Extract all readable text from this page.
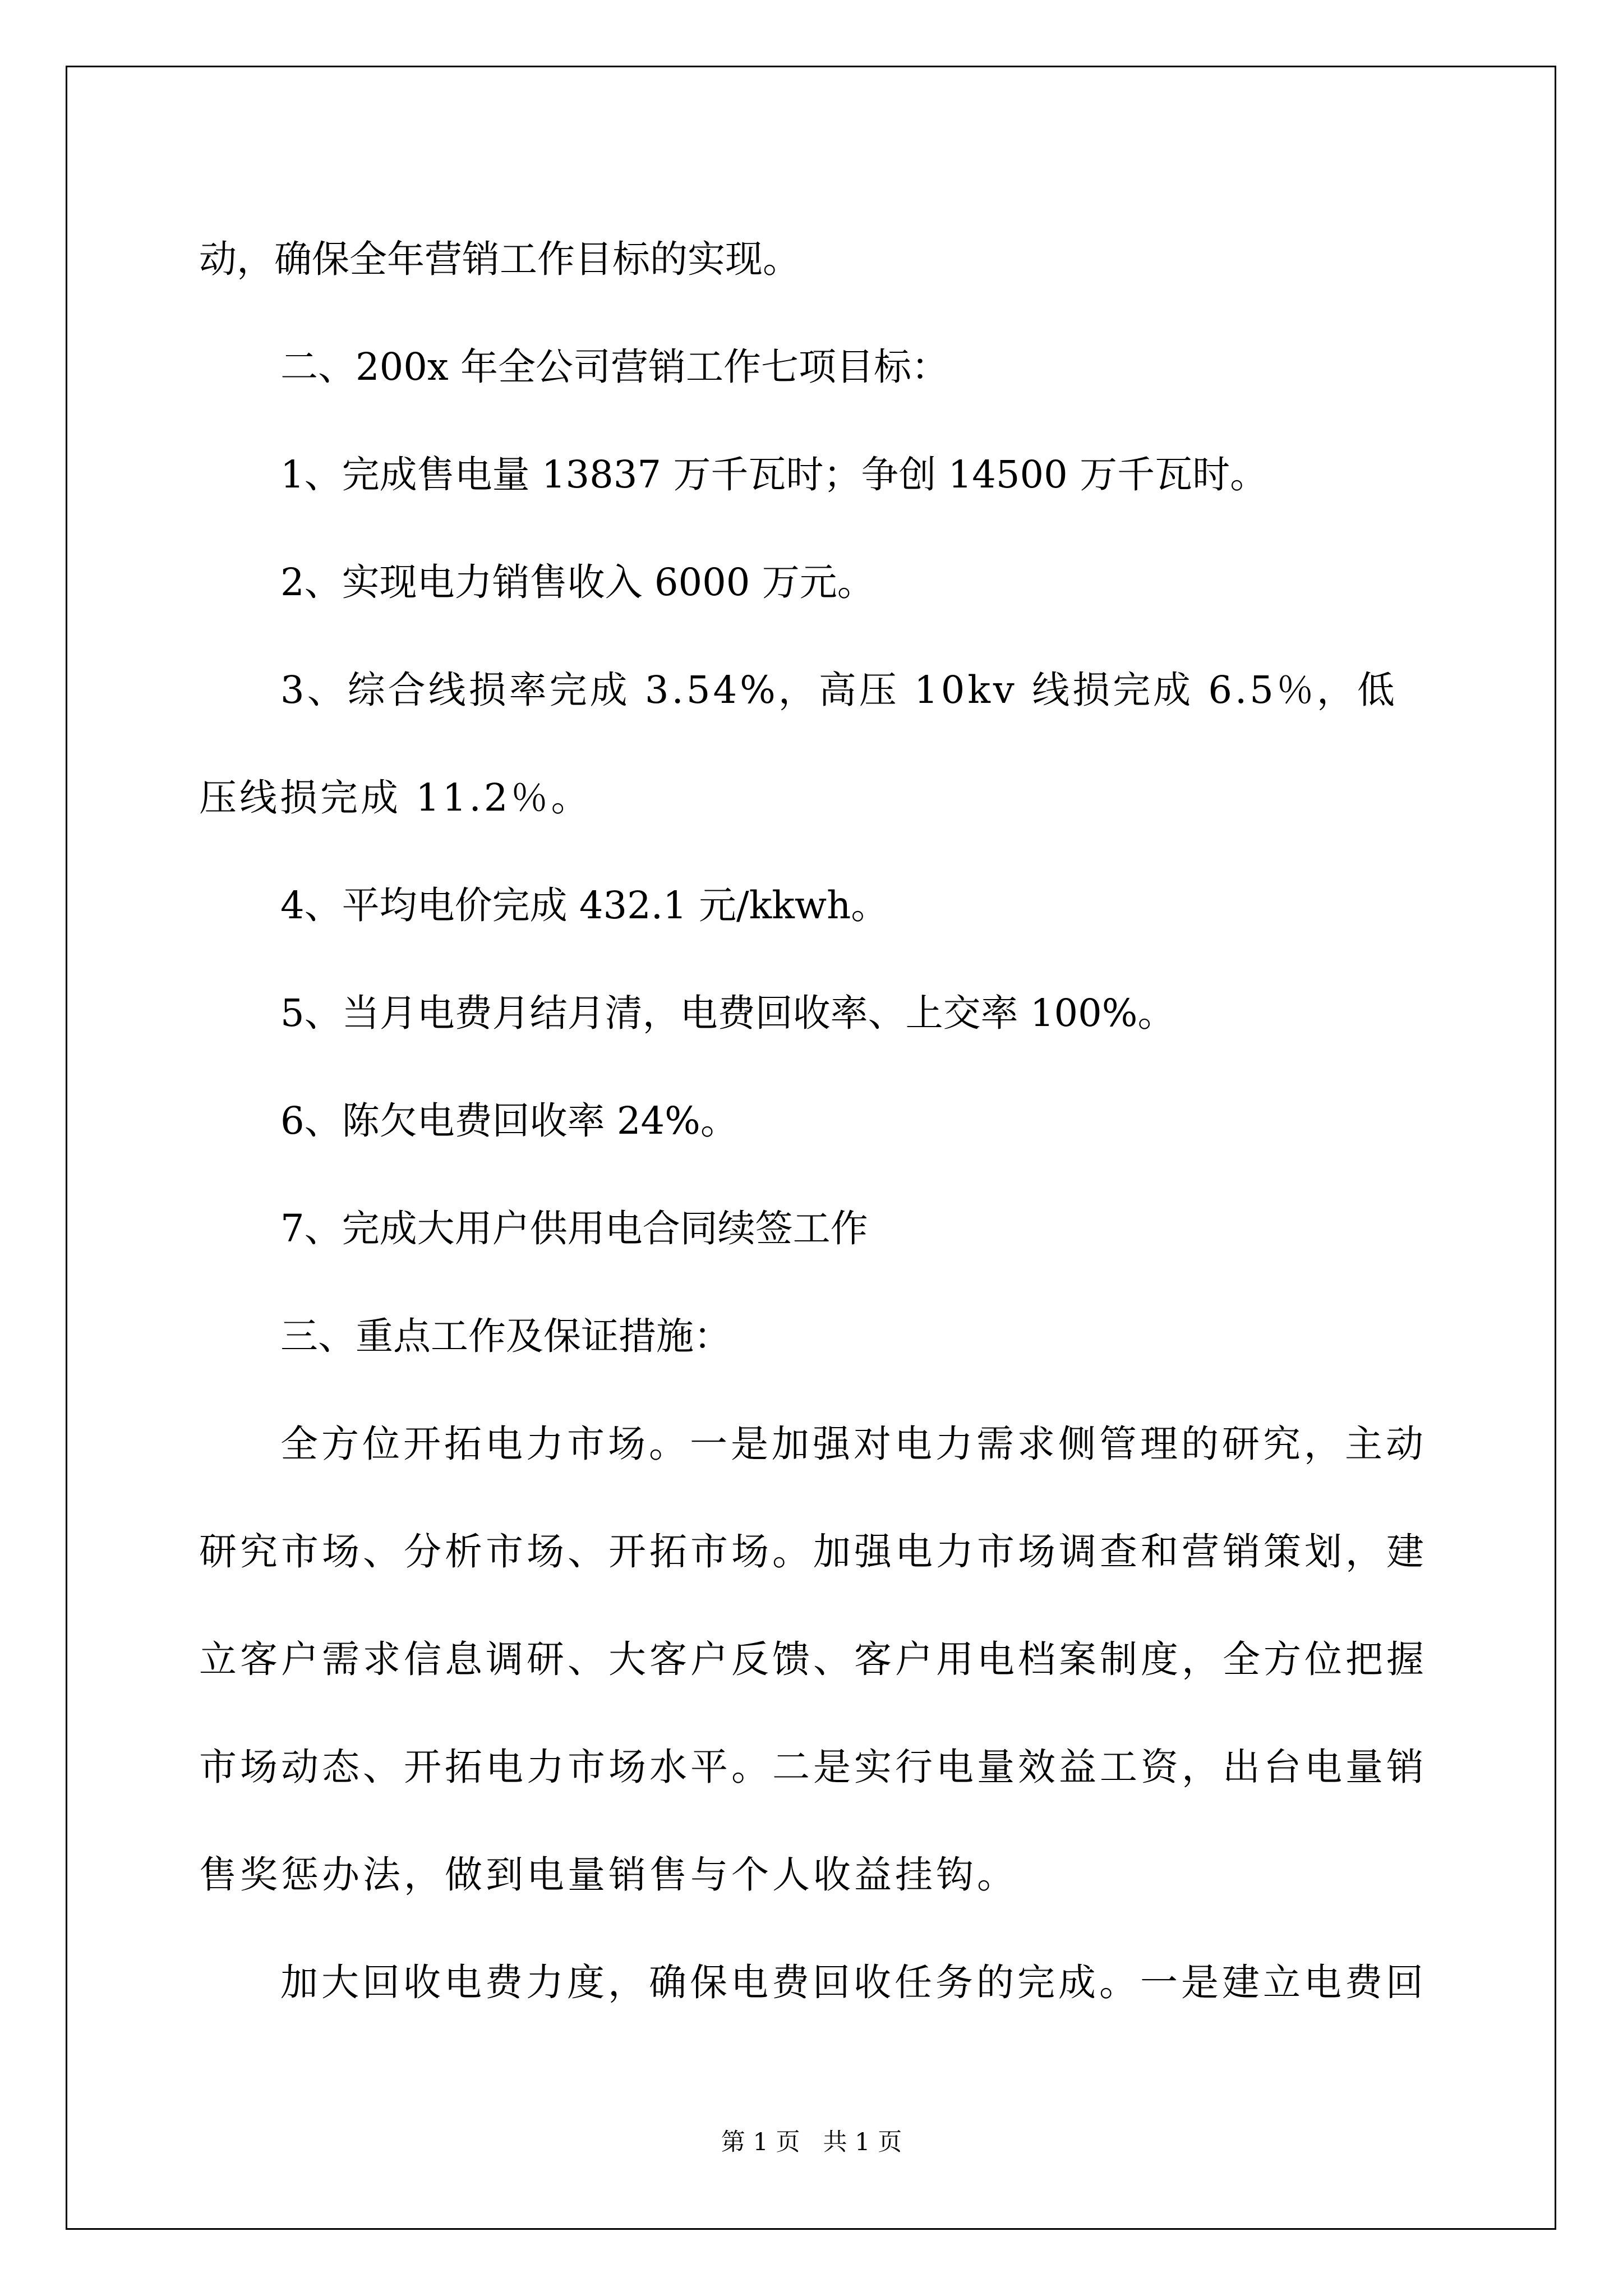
动，确保全年营销工作目标的实现。

二、200x 年全公司营销工作七项目标：

1、完成售电量 13837 万千瓦时；争创 14500 万千瓦时。

2、实现电力销售收入 6000 万元。

3、综合线损率完成 3.54%，高压 10kv 线损完成 6.5％，低压线损完成 11.2％。

4、平均电价完成 432.1 元/kkwh。

5、当月电费月结月清，电费回收率、上交率 100%。

6、陈欠电费回收率 24%。

7、完成大用户供用电合同续签工作

三、重点工作及保证措施：

全方位开拓电力市场。一是加强对电力需求侧管理的研究，主动研究市场、分析市场、开拓市场。加强电力市场调查和营销策划，建立客户需求信息调研、大客户反馈、客户用电档案制度，全方位把握市场动态、开拓电力市场水平。二是实行电量效益工资，出台电量销售奖惩办法，做到电量销售与个人收益挂钩。

加大回收电费力度，确保电费回收任务的完成。一是建立电费回

第 1 页 共 1 页
